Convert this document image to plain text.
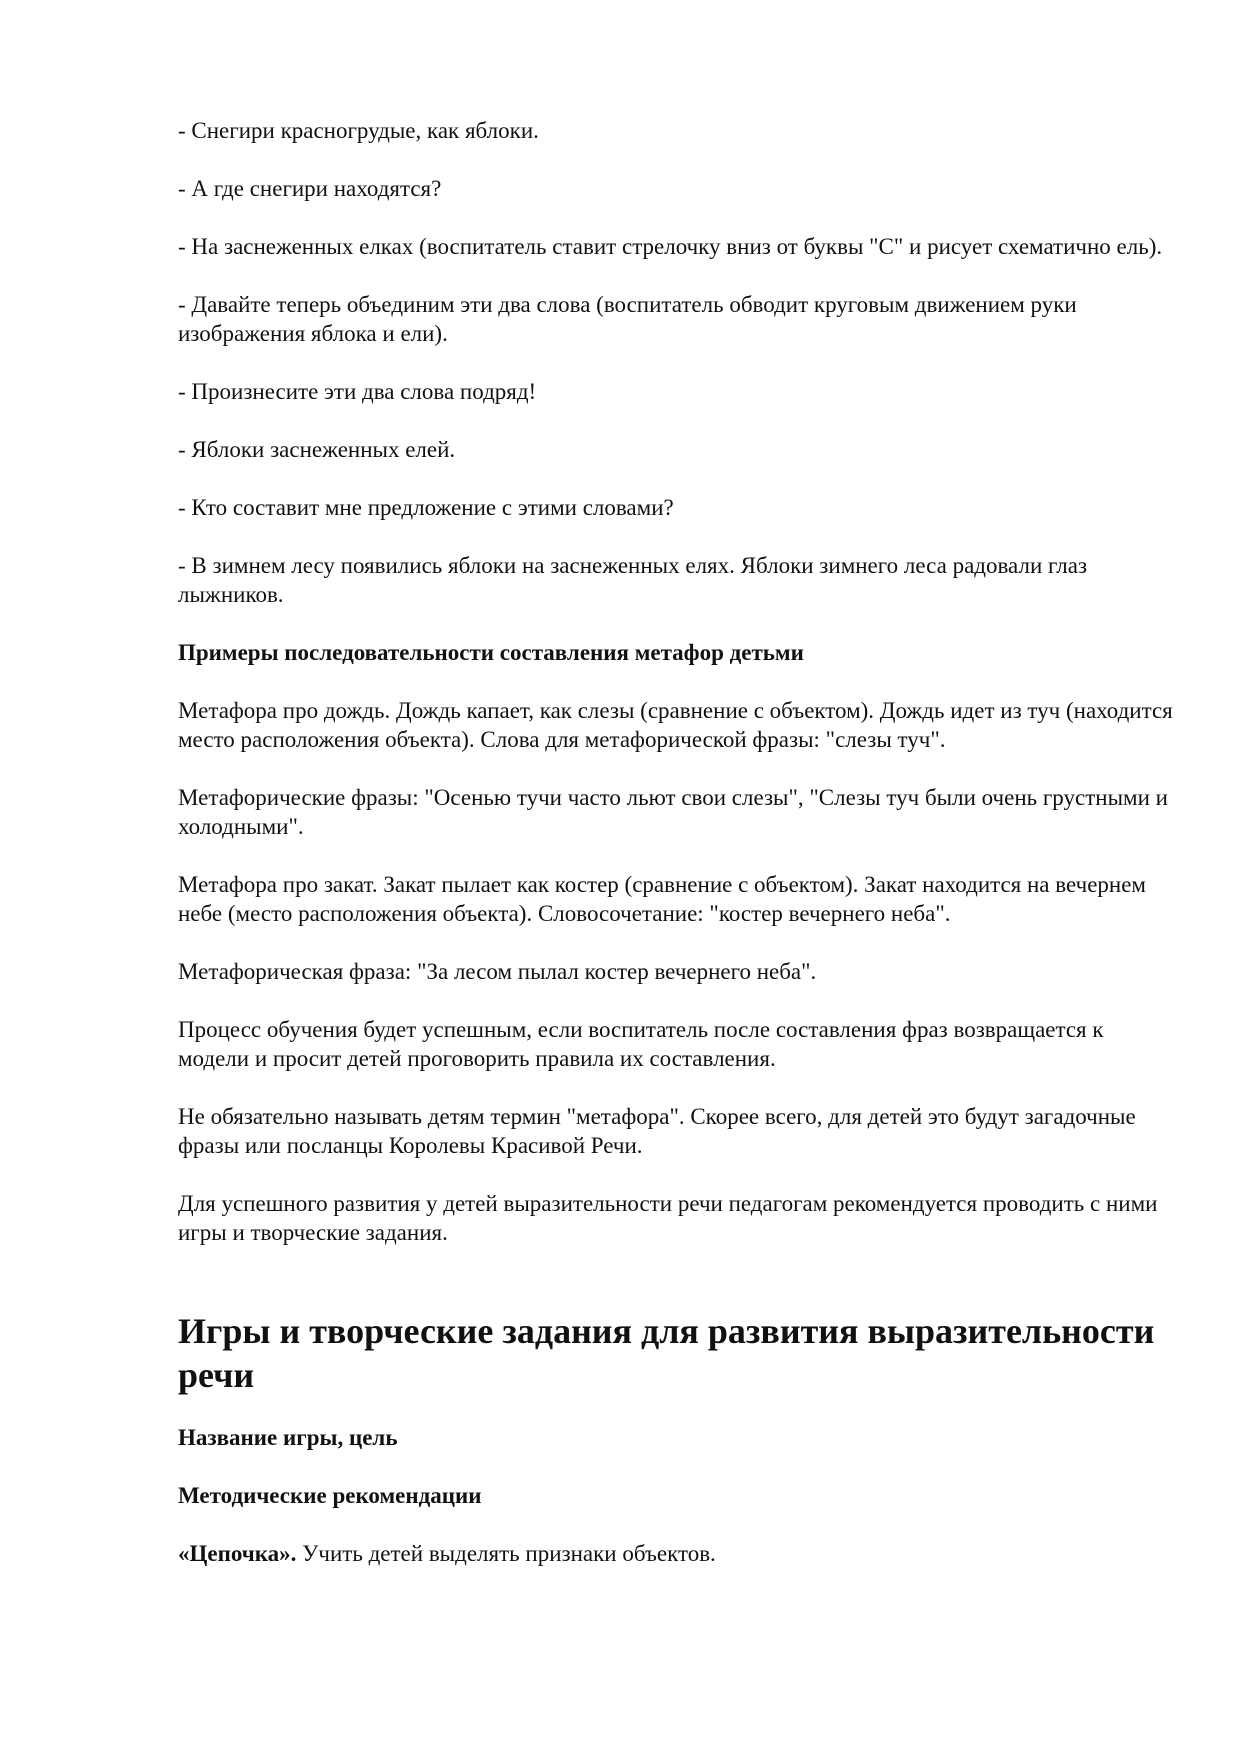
- Снегири красногрудые, как яблоки.

- А где снегири находятся?

- На заснеженных елках (воспитатель ставит стрелочку вниз от буквы "С" и рисует схематично ель).

- Давайте теперь объединим эти два слова (воспитатель обводит круговым движением руки изображения яблока и ели).

- Произнесите эти два слова подряд!

- Яблоки заснеженных елей.

- Кто составит мне предложение с этими словами?

- В зимнем лесу появились яблоки на заснеженных елях. Яблоки зимнего леса радовали глаз лыжников.

Примеры последовательности составления метафор детьми

Метафора про дождь. Дождь капает, как слезы (сравнение с объектом). Дождь идет из туч (находится место расположения объекта). Слова для метафорической фразы: "слезы туч".

Метафорические фразы: "Осенью тучи часто льют свои слезы", "Слезы туч были очень грустными и холодными".

Метафора про закат. Закат пылает как костер (сравнение с объектом). Закат находится на вечернем небе (место расположения объекта). Словосочетание: "костер вечернего неба".

Метафорическая фраза: "За лесом пылал костер вечернего неба".

Процесс обучения будет успешным, если воспитатель после составления фраз возвращается к модели и просит детей проговорить правила их составления.

Не обязательно называть детям термин "метафора". Скорее всего, для детей это будут загадочные фразы или посланцы Королевы Красивой Речи.

Для успешного развития у детей выразительности речи педагогам рекомендуется проводить с ними игры и творческие задания.

Игры и творческие задания для развития выразительности речи

Название игры, цель

Методические рекомендации

«Цепочка». Учить детей выделять признаки объектов.
